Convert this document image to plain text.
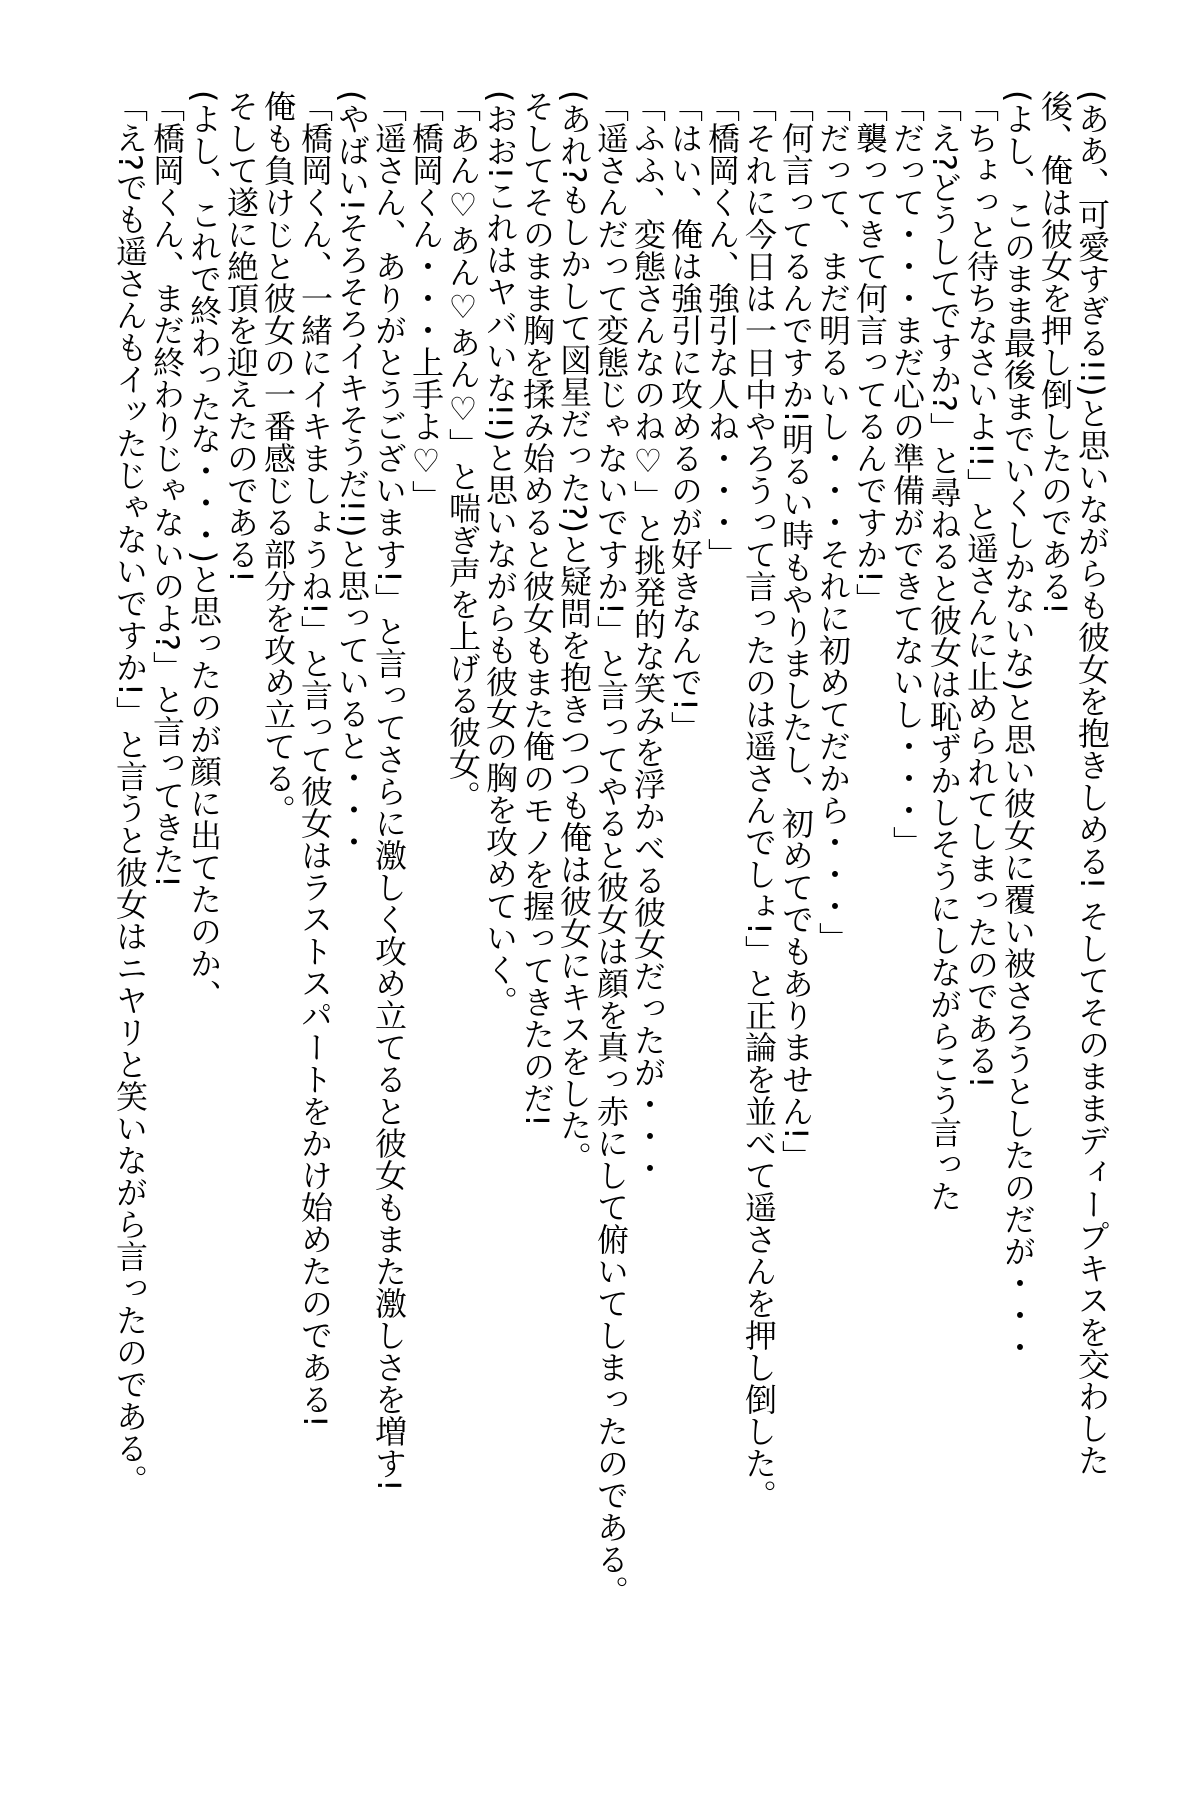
(ああ、可愛すぎる!!)と思いながらも彼女を抱きしめる! そしてそのままディープキスを交わした
後、俺は彼女を押し倒したのである!
(よし、このまま最後までいくしかないな)と思い彼女に覆い被さろうとしたのだが・・・
「ちょっと待ちなさいよ!!」と遥さんに止められてしまったのである!
「え?どうしてですか?」と尋ねると彼女は恥ずかしそうにしながらこう言った
「だって・・・まだ心の準備ができてないし・・・」
「襲ってきて何言ってるんですか!」
「だって、まだ明るいし・・・それに初めてだから・・・」
「何言ってるんですか!明るい時もやりましたし、初めてでもありません!」
「それに今日は一日中やろうって言ったのは遥さんでしょ!」と正論を並べて遥さんを押し倒した。
「橋岡くん、強引な人ね・・・」
「はい、俺は強引に攻めるのが好きなんで!」
「ふふ、変態さんなのね♡」と挑発的な笑みを浮かべる彼女だったが・・・
「遥さんだって変態じゃないですか!」と言ってやると彼女は顔を真っ赤にして俯いてしまったのである。
(あれ?もしかして図星だった?)と疑問を抱きつつも俺は彼女にキスをした。
そしてそのまま胸を揉み始めると彼女もまた俺のモノを握ってきたのだ!
(おお!これはヤバいな!!)と思いながらも彼女の胸を攻めていく。
「あん♡あん♡あん♡」と喘ぎ声を上げる彼女。
「橋岡くん・・・上手よ♡」
「遥さん、ありがとうございます!」と言ってさらに激しく攻め立てると彼女もまた激しさを増す!
(やばい!そろそろイキそうだ!!)と思っていると・・・
「橋岡くん、一緒にイキましょうね!」と言って彼女はラストスパートをかけ始めたのである!
俺も負けじと彼女の一番感じる部分を攻め立てる。
そして遂に絶頂を迎えたのである!
(よし、これで終わったな・・・)と思ったのが顔に出てたのか、
「橋岡くん、まだ終わりじゃないのよ?」と言ってきた!
「え?でも遥さんもイッたじゃないですか!」と言うと彼女はニヤリと笑いながら言ったのである。
